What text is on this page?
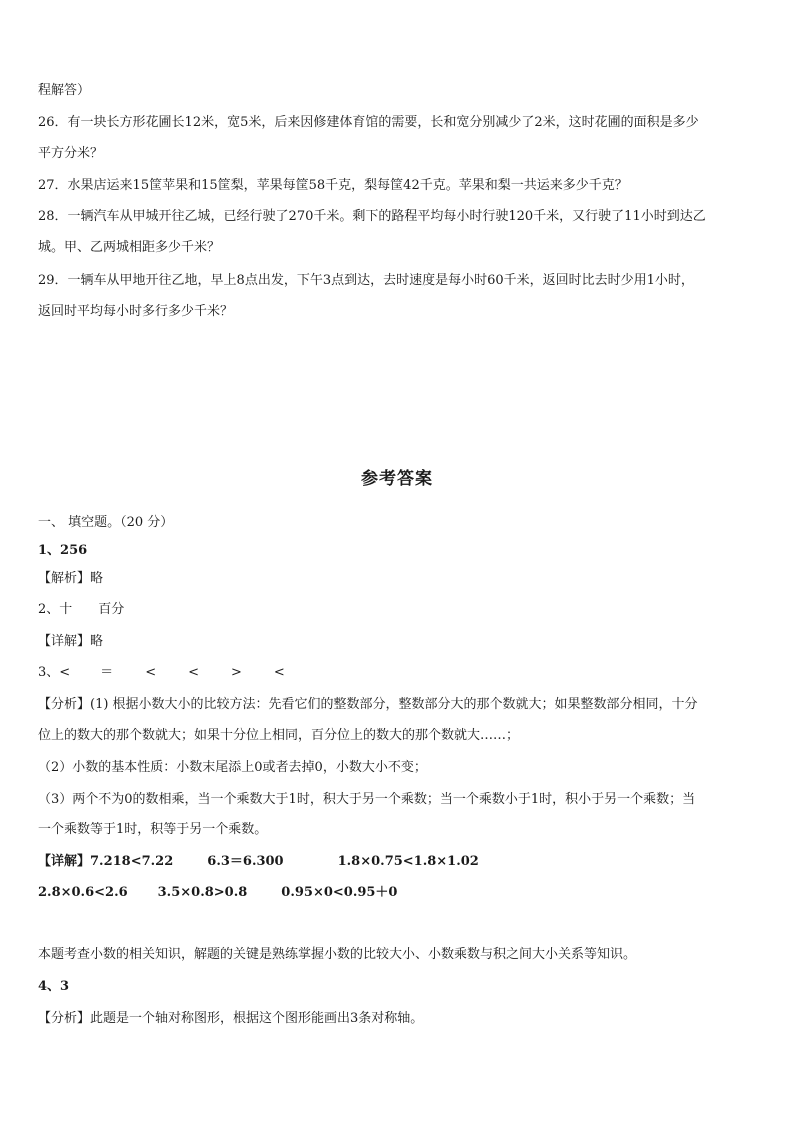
程解答）
26．有一块长方形花圃长12米，宽5米，后来因修建体育馆的需要，长和宽分别减少了2米，这时花圃的面积是多少
平方分米？
27．水果店运来15筐苹果和15筐梨，苹果每筐58千克，梨每筐42千克。苹果和梨一共运来多少千克？
28．一辆汽车从甲城开往乙城，已经行驶了270千米。剩下的路程平均每小时行驶120千米，又行驶了11小时到达乙
城。甲、乙两城相距多少千米？
29．一辆车从甲地开往乙地，早上8点出发，下午3点到达，去时速度是每小时60千米，返回时比去时少用1小时，
返回时平均每小时多行多少千米？
参考答案
一、 填空题。（20 分）
1、256
【解析】略
2、十 百分
【详解】略
3、< ＝ < < > <
【分析】(1) 根据小数大小的比较方法：先看它们的整数部分，整数部分大的那个数就大；如果整数部分相同，十分
位上的数大的那个数就大；如果十分位上相同，百分位上的数大的那个数就大……；
（2）小数的基本性质：小数末尾添上0或者去掉0，小数大小不变；
（3）两个不为0的数相乘，当一个乘数大于1时，积大于另一个乘数；当一个乘数小于1时，积小于另一个乘数；当
一个乘数等于1时，积等于另一个乘数。
【详解】7.218<7.22	6.3＝6.300	1.8×0.75<1.8×1.02
2.8×0.6<2.6 3.5×0.8>0.8	0.95×0<0.95＋0
本题考查小数的相关知识，解题的关键是熟练掌握小数的比较大小、小数乘数与积之间大小关系等知识。
4、3
【分析】此题是一个轴对称图形，根据这个图形能画出3条对称轴。
